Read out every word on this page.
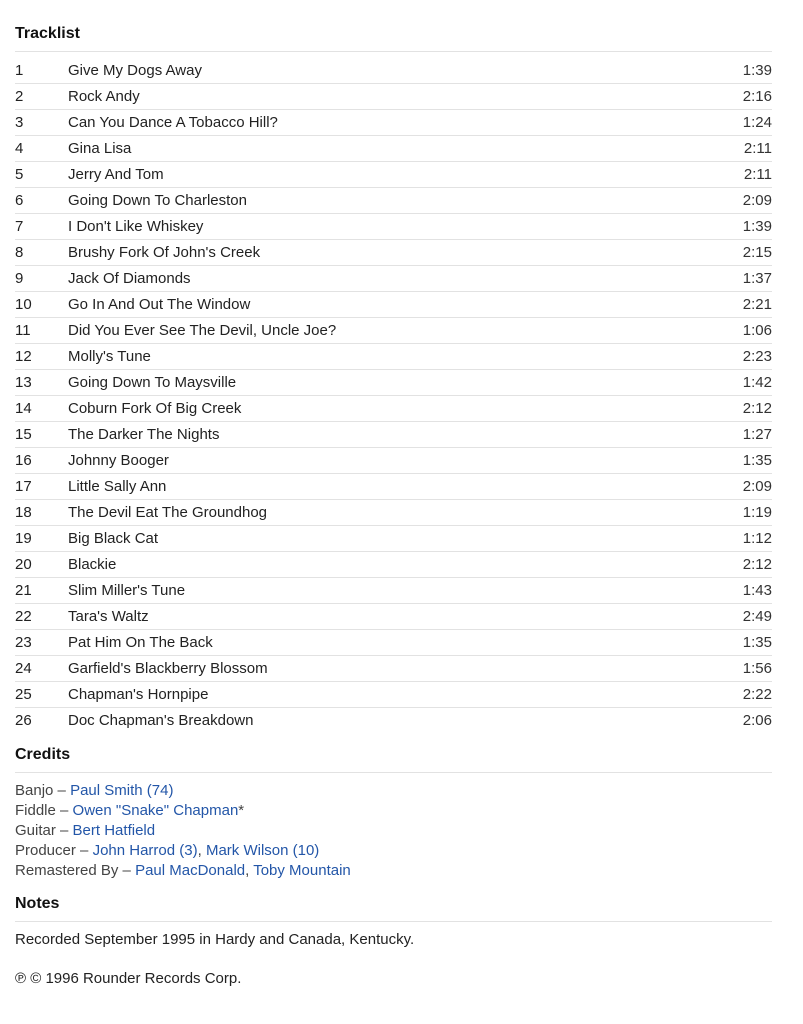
Tracklist
1	Give My Dogs Away	1:39
2	Rock Andy	2:16
3	Can You Dance A Tobacco Hill?	1:24
4	Gina Lisa	2:11
5	Jerry And Tom	2:11
6	Going Down To Charleston	2:09
7	I Don't Like Whiskey	1:39
8	Brushy Fork Of John's Creek	2:15
9	Jack Of Diamonds	1:37
10	Go In And Out The Window	2:21
11	Did You Ever See The Devil, Uncle Joe?	1:06
12	Molly's Tune	2:23
13	Going Down To Maysville	1:42
14	Coburn Fork Of Big Creek	2:12
15	The Darker The Nights	1:27
16	Johnny Booger	1:35
17	Little Sally Ann	2:09
18	The Devil Eat The Groundhog	1:19
19	Big Black Cat	1:12
20	Blackie	2:12
21	Slim Miller's Tune	1:43
22	Tara's Waltz	2:49
23	Pat Him On The Back	1:35
24	Garfield's Blackberry Blossom	1:56
25	Chapman's Hornpipe	2:22
26	Doc Chapman's Breakdown	2:06
Credits
Banjo – Paul Smith (74)
Fiddle – Owen "Snake" Chapman*
Guitar – Bert Hatfield
Producer – John Harrod (3), Mark Wilson (10)
Remastered By – Paul MacDonald, Toby Mountain
Notes

Recorded September 1995 in Hardy and Canada, Kentucky.

℗ © 1996 Rounder Records Corp.
